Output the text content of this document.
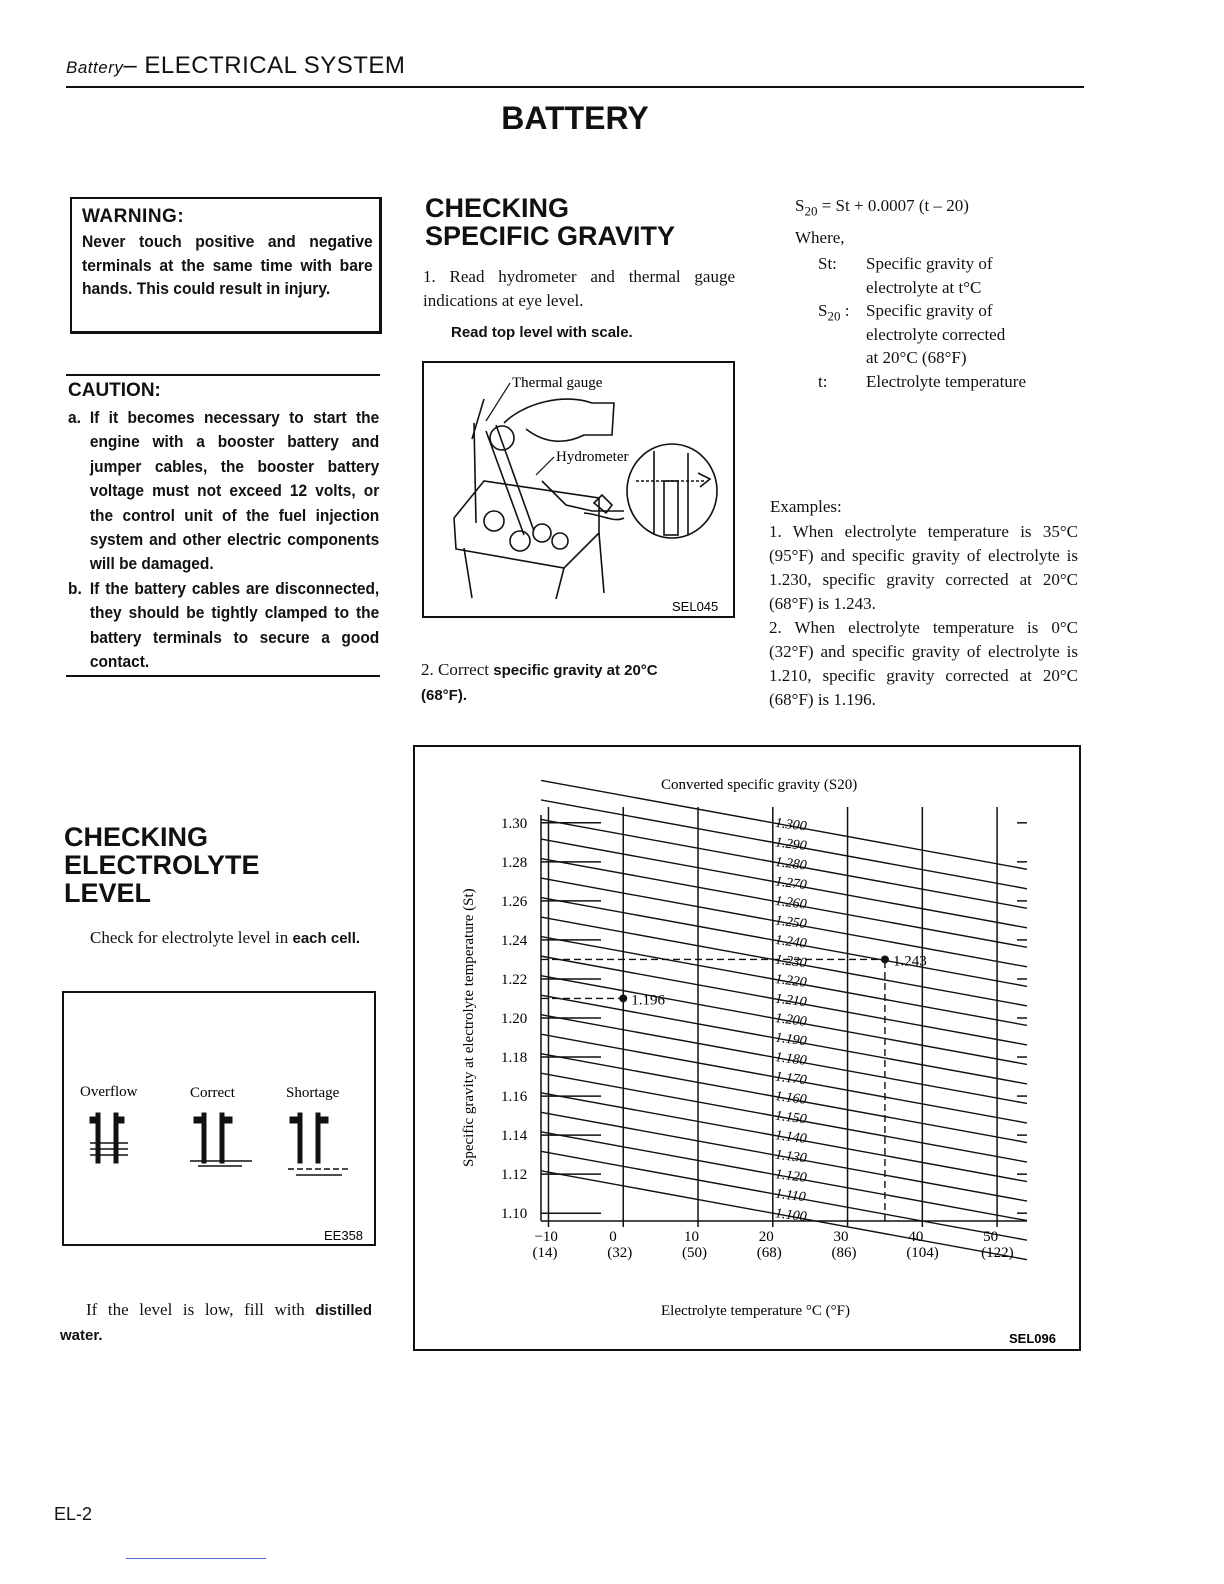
Battery– ELECTRICAL SYSTEM
BATTERY
WARNING:
Never touch positive and negative terminals at the same time with bare hands. This could result in injury.
CAUTION:
a. If it becomes necessary to start the engine with a booster battery and jumper cables, the booster battery voltage must not exceed 12 volts, or the control unit of the fuel injection system and other electric components will be damaged.
b. If the battery cables are disconnected, they should be tightly clamped to the battery terminals to secure a good contact.
CHECKING
ELECTROLYTE
LEVEL
Check for electrolyte level in each cell.
Overflow	Correct	Shortage
EE358
If the level is low, fill with distilled water.
CHECKING
SPECIFIC GRAVITY
1. Read hydrometer and thermal gauge indications at eye level.
Read top level with scale.
Thermal gauge
Hydrometer
SEL045
2. Correct specific gravity at 20°C
(68°F).
$S_{20} = St + 0.0007$ (t – 20)
Where,
St:	Specific gravity of
electrolyte at t°C
$S_{20}$ : Specific gravity of
electrolyte corrected
at 20°C (68°F)
t:	Electrolyte temperature
Examples:
1. When electrolyte temperature is 35°C (95°F) and specific gravity of electrolyte is 1.230, specific gravity corrected at 20°C (68°F) is 1.243.
2. When electrolyte temperature is 0°C (32°F) and specific gravity of electrolyte is 1.210, specific gravity corrected at 20°C (68°F) is 1.196.
Converted specific gravity (S20)
Specific gravity at electrolyte temperature (St)
Electrolyte temperature °C (°F)
SEL096
1.300
1.290
1.280
1.270
1.260
1.250
1.240
1.230
1.220
1.210
1.200
1.190
1.180
1.170
1.160
1.150
1.140
1.130
1.120
1.110
1.100
1.30
1.28
1.26
1.24
1.22
1.20
1.18
1.16
1.14
1.12
1.10
−10
(14)
0
(32)
10
(50)
20
(68)
30
(86)
40
(104)
50
(122)
1.243
1.196
EL-2
